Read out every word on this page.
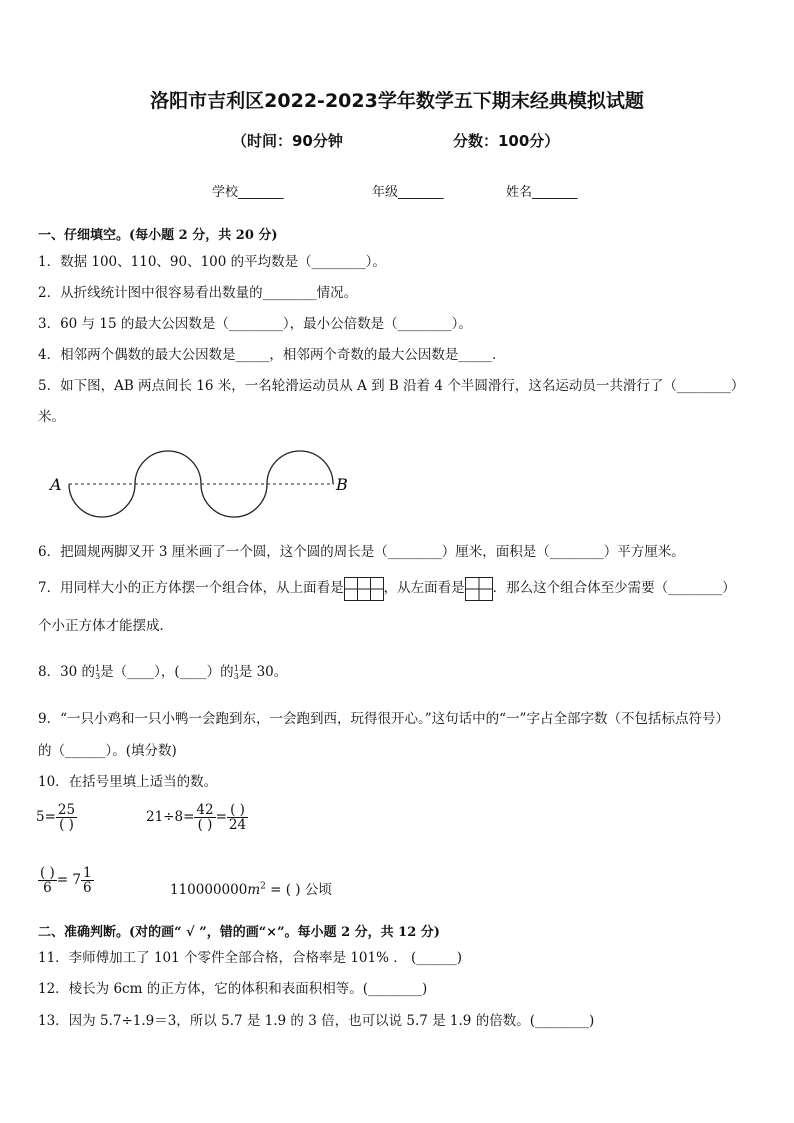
洛阳市吉利区2022-2023学年数学五下期末经典模拟试题
（时间：90分钟	分数：100分）
学校_______	年级_______	姓名_______
一、仔细填空。(每小题 2 分，共 20 分)
1．数据 100、110、90、100 的平均数是（________）。
2．从折线统计图中很容易看出数量的________情况。
3．60 与 15 的最大公因数是（________），最小公倍数是（________）。
4．相邻两个偶数的最大公因数是_____，相邻两个奇数的最大公因数是_____．
5．如下图，AB 两点间长 16 米，一名轮滑运动员从 A 到 B 沿着 4 个半圆滑行，这名运动员一共滑行了（________）
米。
A	B
6．把圆规两脚叉开 3 厘米画了一个圆，这个圆的周长是（________）厘米，面积是（________）平方厘米。
7．用同样大小的正方体摆一个组合体，从上面看是	，从左面看是 ．那么这个组合体至少需要（________）
个小正方体才能摆成．
8．30 的 1
3 是（____），(____）的 1
3 是 30。
9．“一只小鸡和一只小鸭一会跑到东，一会跑到西，玩得很开心。”这句话中的“一”字占全部字数（不包括标点符号）
的（______）。(填分数)
10．在括号里填上适当的数。
$5= \frac{25}{( )}$	$21\div 8= \frac{42}{( )} = \frac{( )}{24}$
$\frac{( )}{6} = 7 \frac{1}{6}$	$110000000m^2$ = ( ) 公顷
二、准确判断。(对的画“ √ ”，错的画“×”。每小题 2 分，共 12 分)
11．李师傅加工了 101 个零件全部合格，合格率是 101% ． (______)
12．棱长为 6cm 的正方体，它的体积和表面积相等。(________)
13．因为 5.7÷1.9＝3，所以 5.7 是 1.9 的 3 倍，也可以说 5.7 是 1.9 的倍数。(________)
